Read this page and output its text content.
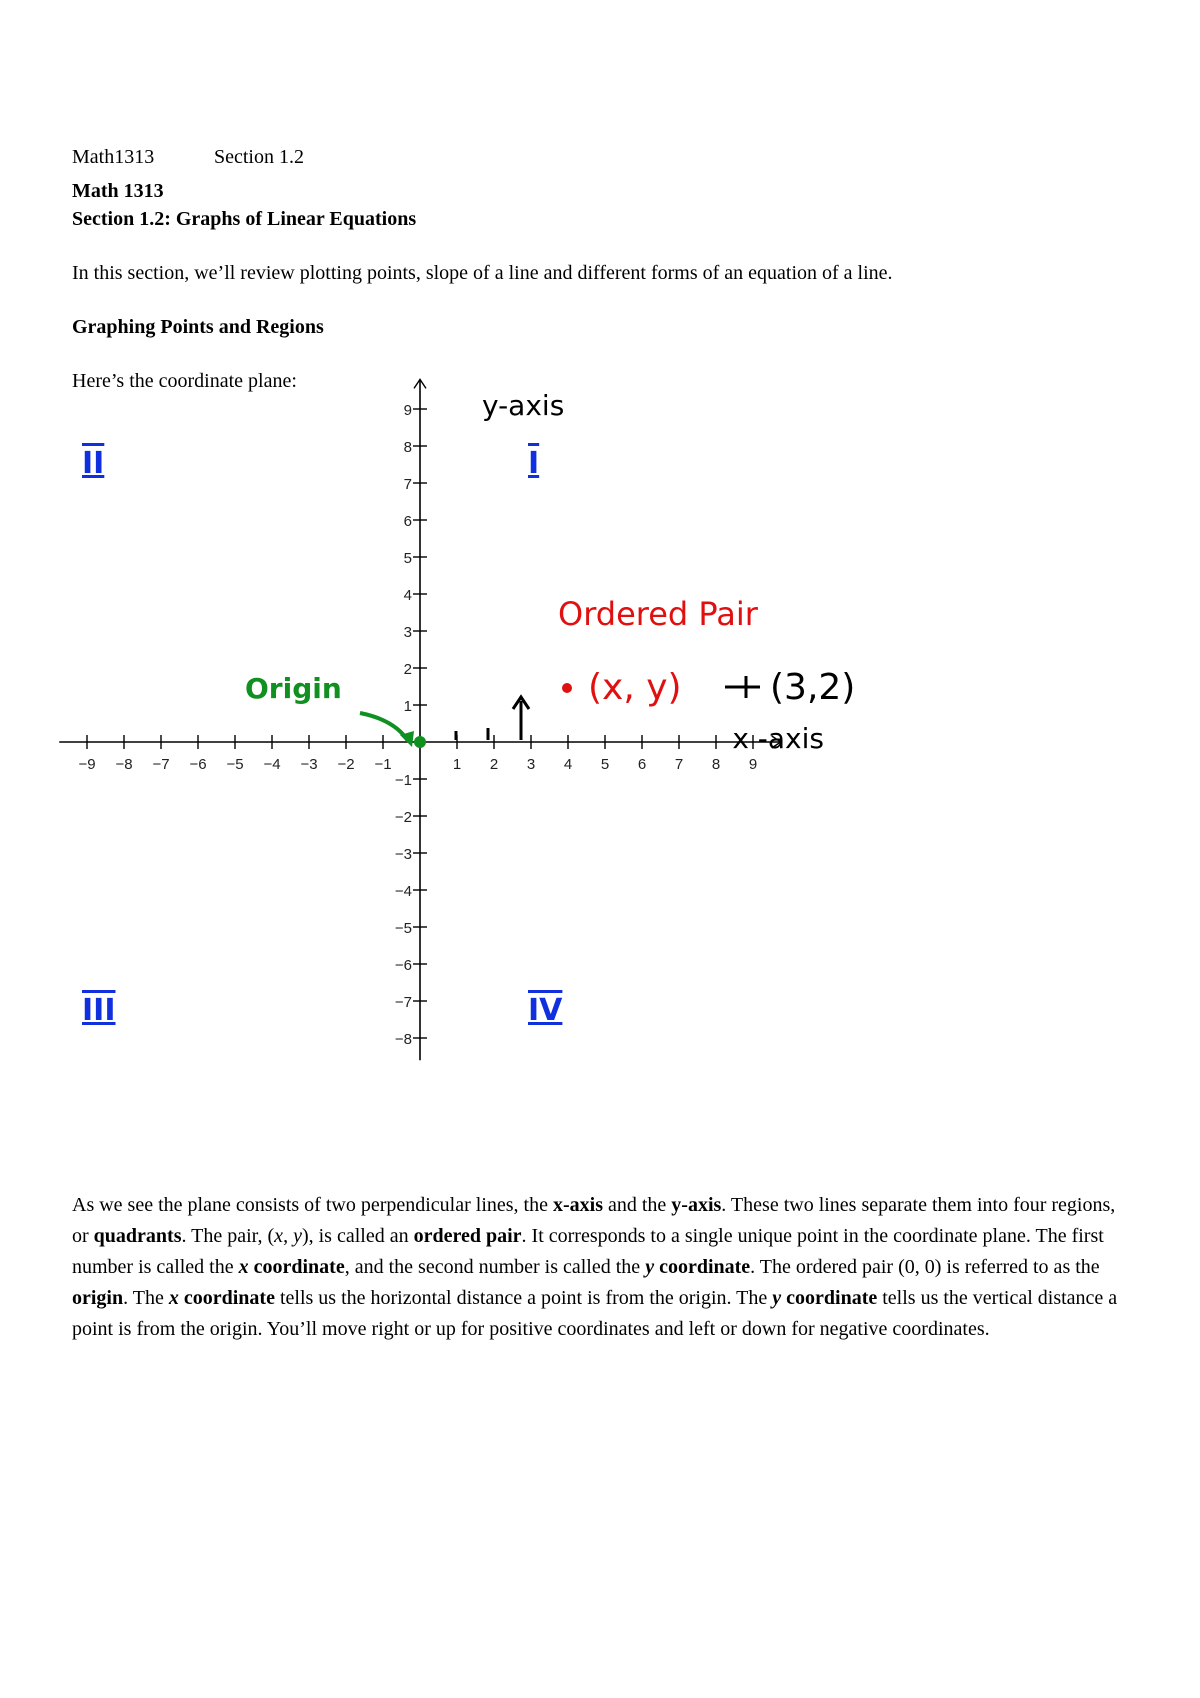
Math1313	Section 1.2
Math 1313
Section 1.2: Graphs of Linear Equations
In this section, we’ll review plotting points, slope of a line and different forms of an equation of a line.
Graphing Points and Regions
Here’s the coordinate plane:
−9 −8 −7 −6 −5 −4 −3 −2 −1	1 2 3 4 5 6 7 8 9
9
8
7
6
5
4
3
2
1
−1
−2
−3
−4
−5
−6
−7
−8
y-axis
x -axis
I
II
III	IV
Ordered Pair
(x, y) (3,2)
Origin
As we see the plane consists of two perpendicular lines, the x-axis and the y-axis. These two lines separate them into four regions, or quadrants. The pair, (x, y), is called an ordered pair. It corresponds to a single unique point in the coordinate plane. The first number is called the x coordinate, and the second number is called the y coordinate. The ordered pair (0, 0) is referred to as the origin. The x coordinate tells us the horizontal distance a point is from the origin. The y coordinate tells us the vertical distance a point is from the origin. You’ll move right or up for positive coordinates and left or down for negative coordinates.
